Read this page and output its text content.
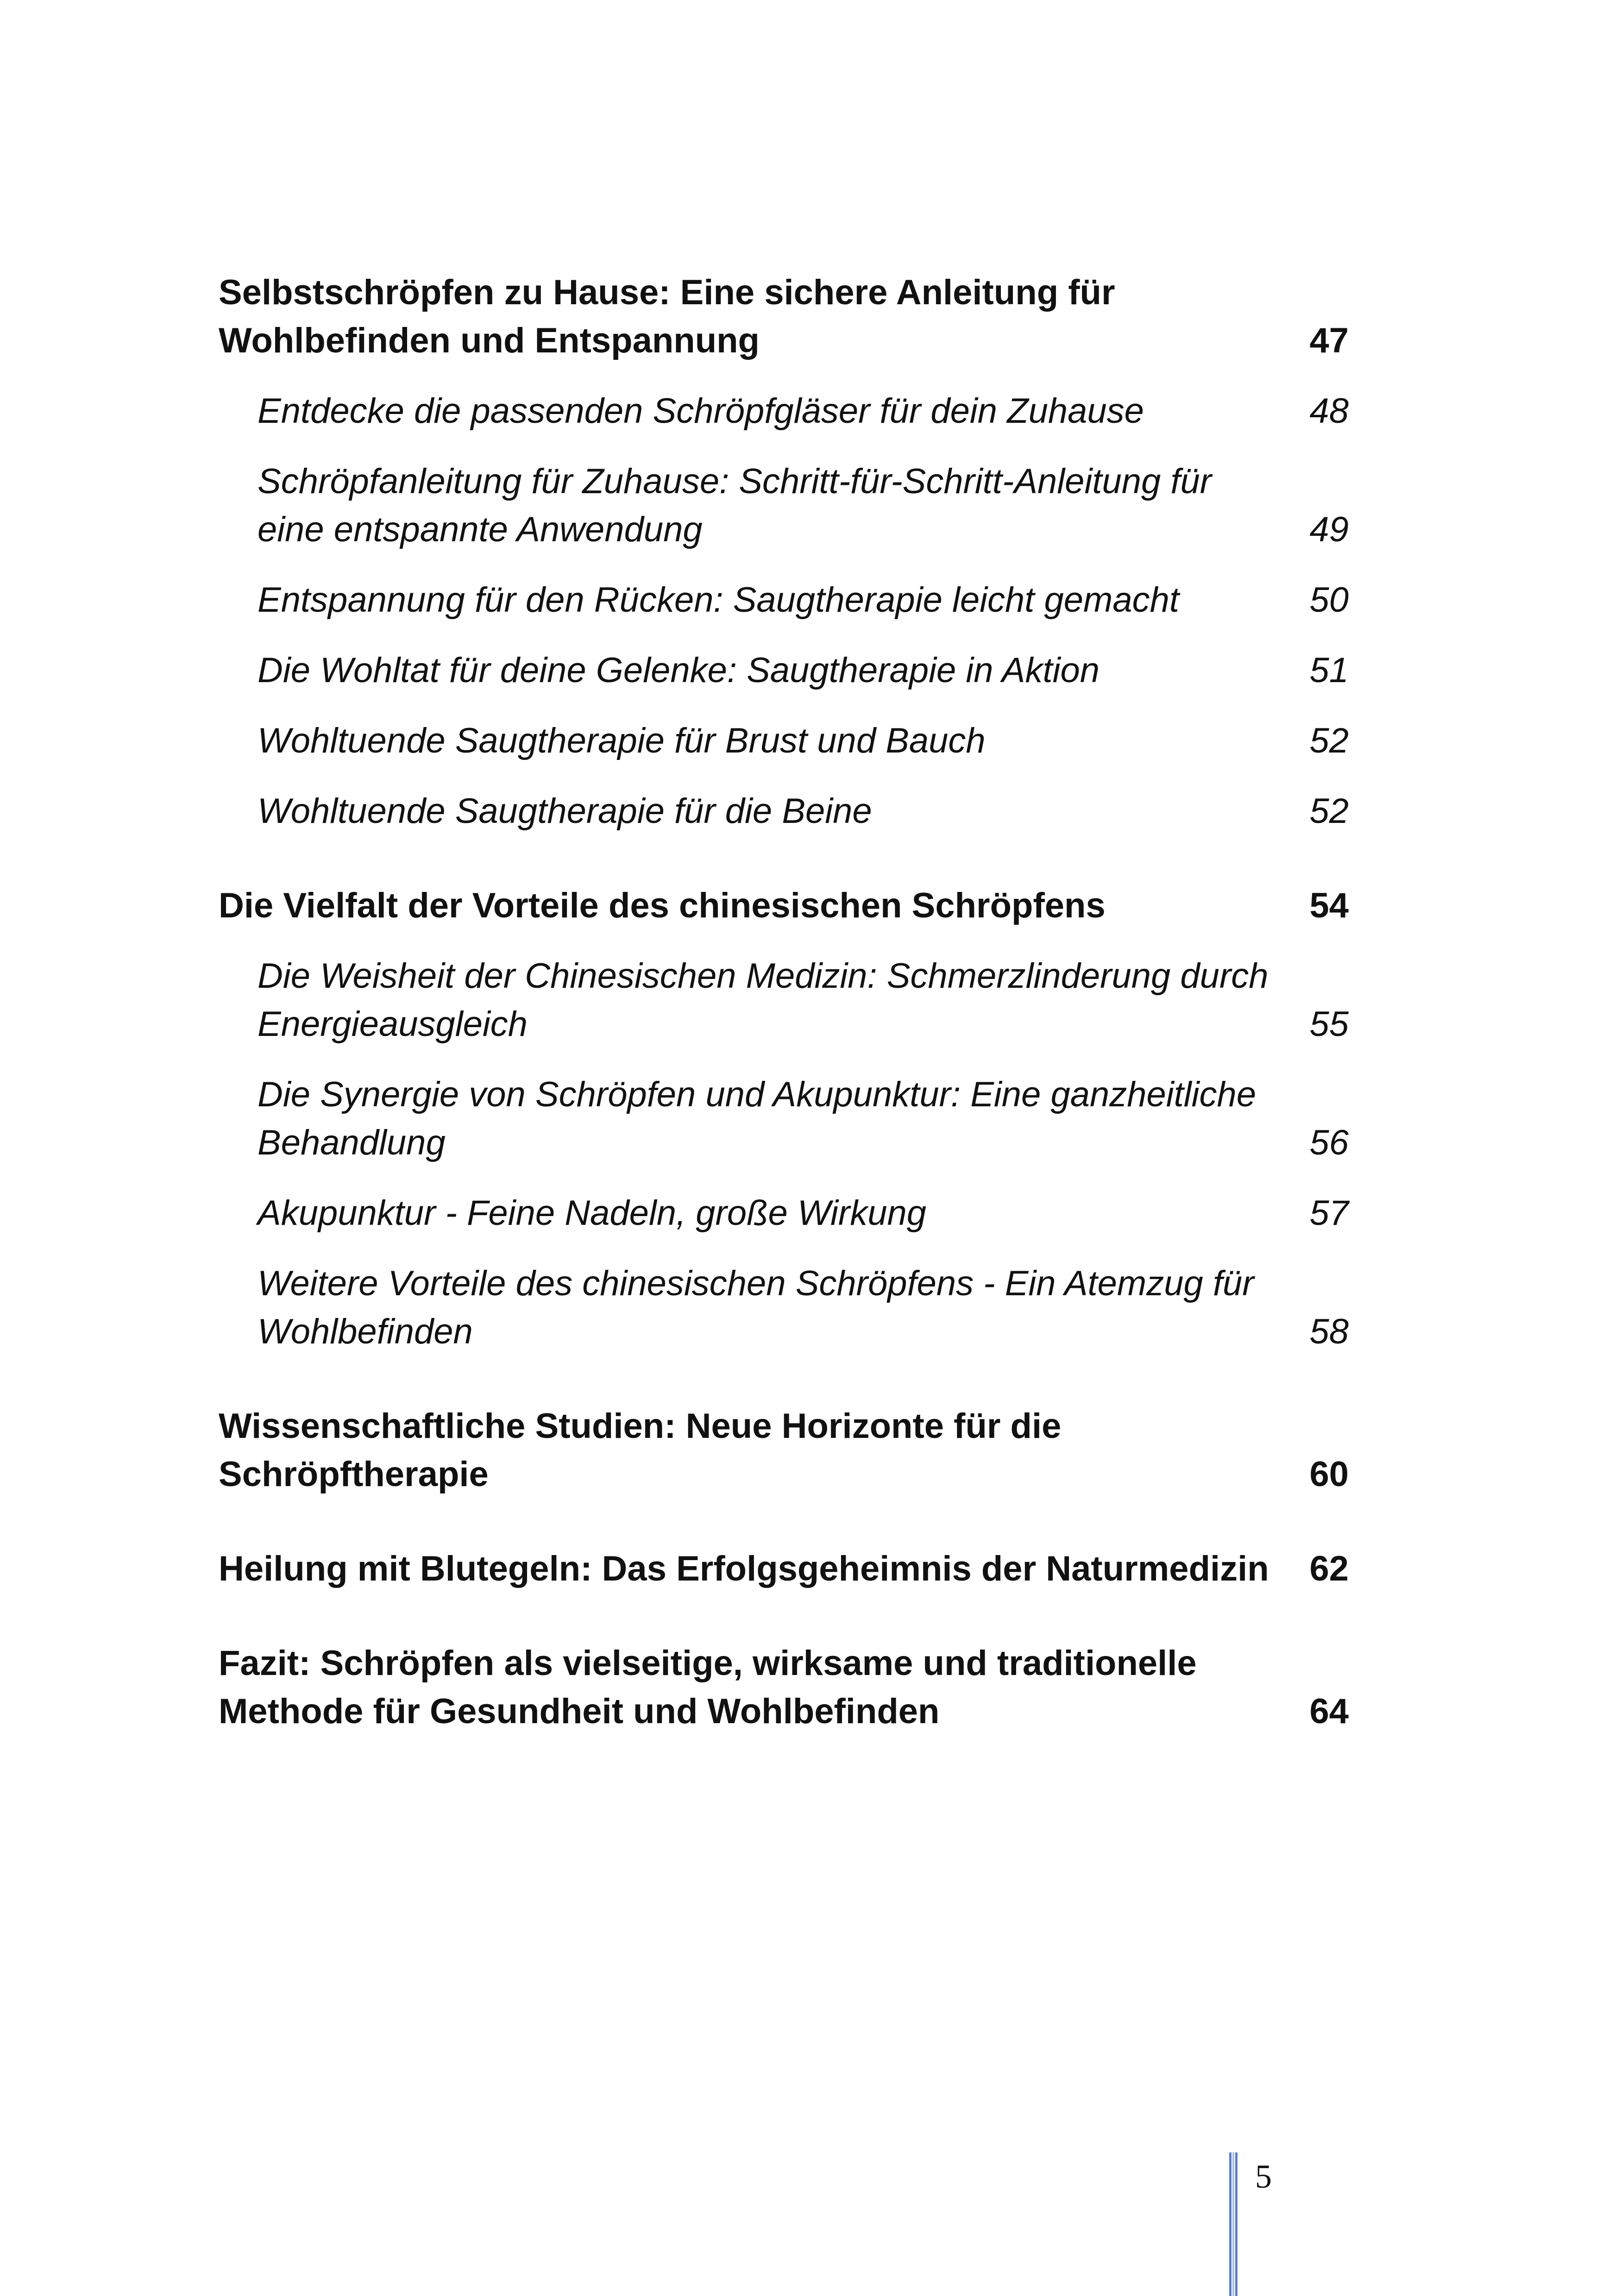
Selbstschröpfen zu Hause: Eine sichere Anleitung für Wohlbefinden und Entspannung	47
Entdecke die passenden Schröpfgläser für dein Zuhause	48
Schröpfanleitung für Zuhause: Schritt-für-Schritt-Anleitung für eine entspannte Anwendung	49
Entspannung für den Rücken: Saugtherapie leicht gemacht	50
Die Wohltat für deine Gelenke: Saugtherapie in Aktion	51
Wohltuende Saugtherapie für Brust und Bauch	52
Wohltuende Saugtherapie für die Beine	52
Die Vielfalt der Vorteile des chinesischen Schröpfens	54
Die Weisheit der Chinesischen Medizin: Schmerzlinderung durch Energieausgleich	55
Die Synergie von Schröpfen und Akupunktur: Eine ganzheitliche Behandlung	56
Akupunktur - Feine Nadeln, große Wirkung	57
Weitere Vorteile des chinesischen Schröpfens - Ein Atemzug für Wohlbefinden	58
Wissenschaftliche Studien: Neue Horizonte für die Schröpftherapie	60
Heilung mit Blutegeln: Das Erfolgsgeheimnis der Naturmedizin 62
Fazit: Schröpfen als vielseitige, wirksame und traditionelle Methode für Gesundheit und Wohlbefinden	64
5
